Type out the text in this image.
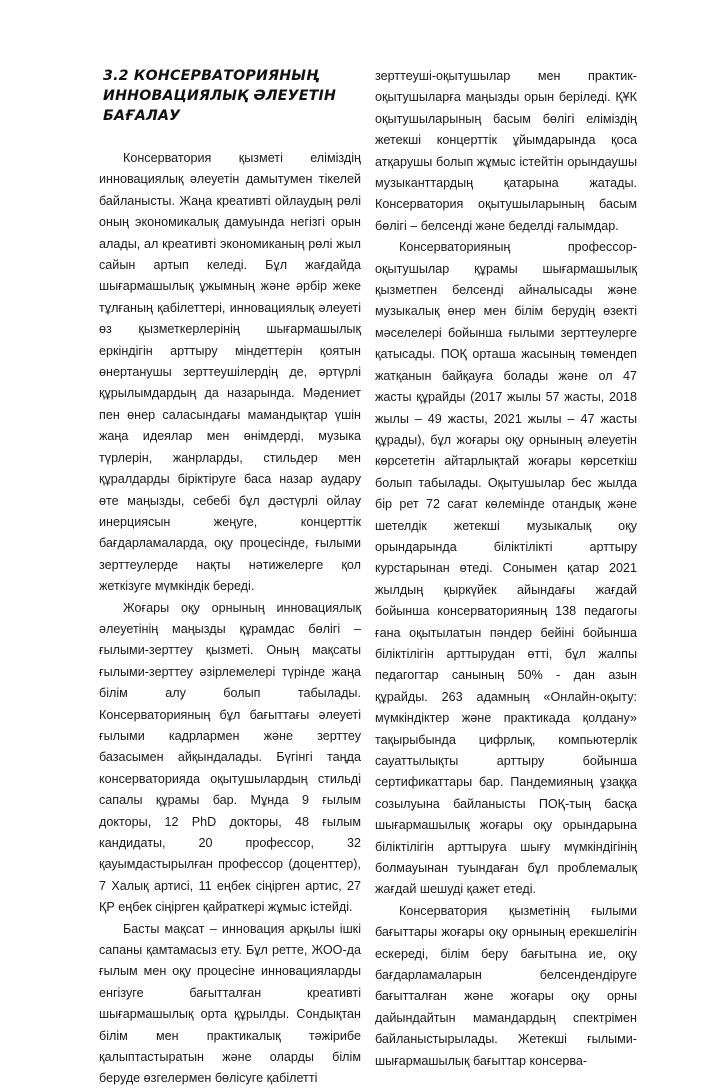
3.2 КОНСЕРВАТОРИЯНЫҢ
ИННОВАЦИЯЛЫҚ ӘЛЕУЕТІН БАҒАЛАУ

Консерватория қызметі еліміздің инновациялық әлеуетін дамытумен тікелей байланысты. Жаңа креативті ойлаудың рөлі оның экономикалық дамуында негізгі орын алады, ал креативті экономиканың рөлі жыл сайын артып келеді. Бұл жағдайда шығармашылық ұжымның және әрбір жеке тұлғаның қабілеттері, инновациялық әлеуеті өз қызметкерлерінің шығармашылық еркіндігін арттыру міндеттерін қоятын өнертанушы зерттеушілердің де, әртүрлі құрылымдардың да назарында. Мәдениет пен өнер саласындағы мамандықтар үшін жаңа идеялар мен өнімдерді, музыка түрлерін, жанрларды, стильдер мен құралдарды біріктіруге баса назар аудару өте маңызды, себебі бұл дәстүрлі ойлау инерциясын жеңуге, концерттік бағдарламаларда, оқу процесінде, ғылыми зерттеулерде нақты нәтижелерге қол жеткізуге мүмкіндік береді.

Жоғары оқу орнының инновациялық әлеуетінің маңызды құрамдас бөлігі – ғылыми-зерттеу қызметі. Оның мақсаты ғылыми-зерттеу әзірлемелері түрінде жаңа білім алу болып табылады. Консерваторияның бұл бағыттағы әлеуеті ғылыми кадрлармен және зерттеу базасымен айқындалады. Бүгінгі таңда консерваторияда оқытушылардың стильді сапалы құрамы бар. Мұнда 9 ғылым докторы, 12 PhD докторы, 48 ғылым кандидаты, 20 профессор, 32 қауымдастырылған профессор (доценттер), 7 Халық артисі, 11 еңбек сіңірген артис, 27 ҚР еңбек сіңірген қайраткері жұмыс істейді.

Басты мақсат – инновация арқылы ішкі сапаны қамтамасыз ету. Бұл ретте, ЖОО-да ғылым мен оқу процесіне инновацияларды енгізуге бағытталған креативті шығармашылық орта құрылды. Сондықтан білім мен практикалық тәжірибе қалыптастыратын және оларды білім беруде өзгелермен бөлісуге қабілетті

зерттеуші-оқытушылар мен практик-оқытушыларға маңызды орын беріледі. ҚҰК оқытушыларының басым бөлігі еліміздің жетекші концерттік ұйымдарында қоса атқарушы болып жұмыс істейтін орындаушы музыканттардың қатарына жатады. Консерватория оқытушыларының басым бөлігі – белсенді және беделді ғалымдар.

Консерваторияның профессор-оқытушылар құрамы шығармашылық қызметпен белсенді айналысады және музыкалық өнер мен білім берудің өзекті мәселелері бойынша ғылыми зерттеулерге қатысады. ПОҚ орташа жасының төмендеп жатқанын байқауға болады және ол 47 жасты құрайды (2017 жылы 57 жасты, 2018 жылы – 49 жасты, 2021 жылы – 47 жасты құрады), бұл жоғары оқу орнының әлеуетін көрсететін айтарлықтай жоғары көрсеткіш болып табылады. Оқытушылар бес жылда бір рет 72 сағат көлемінде отандық және шетелдік жетекші музыкалық оқу орындарында біліктілікті арттыру курстарынан өтеді. Сонымен қатар 2021 жылдың қыркүйек айындағы жағдай бойынша консерваторияның 138 педагогы ғана оқытылатын пәндер бейіні бойынша біліктілігін арттырудан өтті, бұл жалпы педагогтар санының 50% - дан азын құрайды. 263 адамның «Онлайн-оқыту: мүмкіндіктер және практикада қолдану» тақырыбында цифрлық, компьютерлік сауаттылықты арттыру бойынша сертификаттары бар. Пандемияның ұзаққа созылуына байланысты ПОҚ-тың басқа шығармашылық жоғары оқу орындарына біліктілігін арттыруға шығу мүмкіндігінің болмауынан туындаған бұл проблемалық жағдай шешуді қажет етеді.

Консерватория қызметінің ғылыми бағыттары жоғары оқу орнының ерекшелігін ескереді, білім беру бағытына ие, оқу бағдарламаларын белсендендіруге бағытталған және жоғары оқу орны дайындайтын мамандардың спектрімен байланыстырылады. Жетекші ғылыми-шығармашылық бағыттар консерва-
